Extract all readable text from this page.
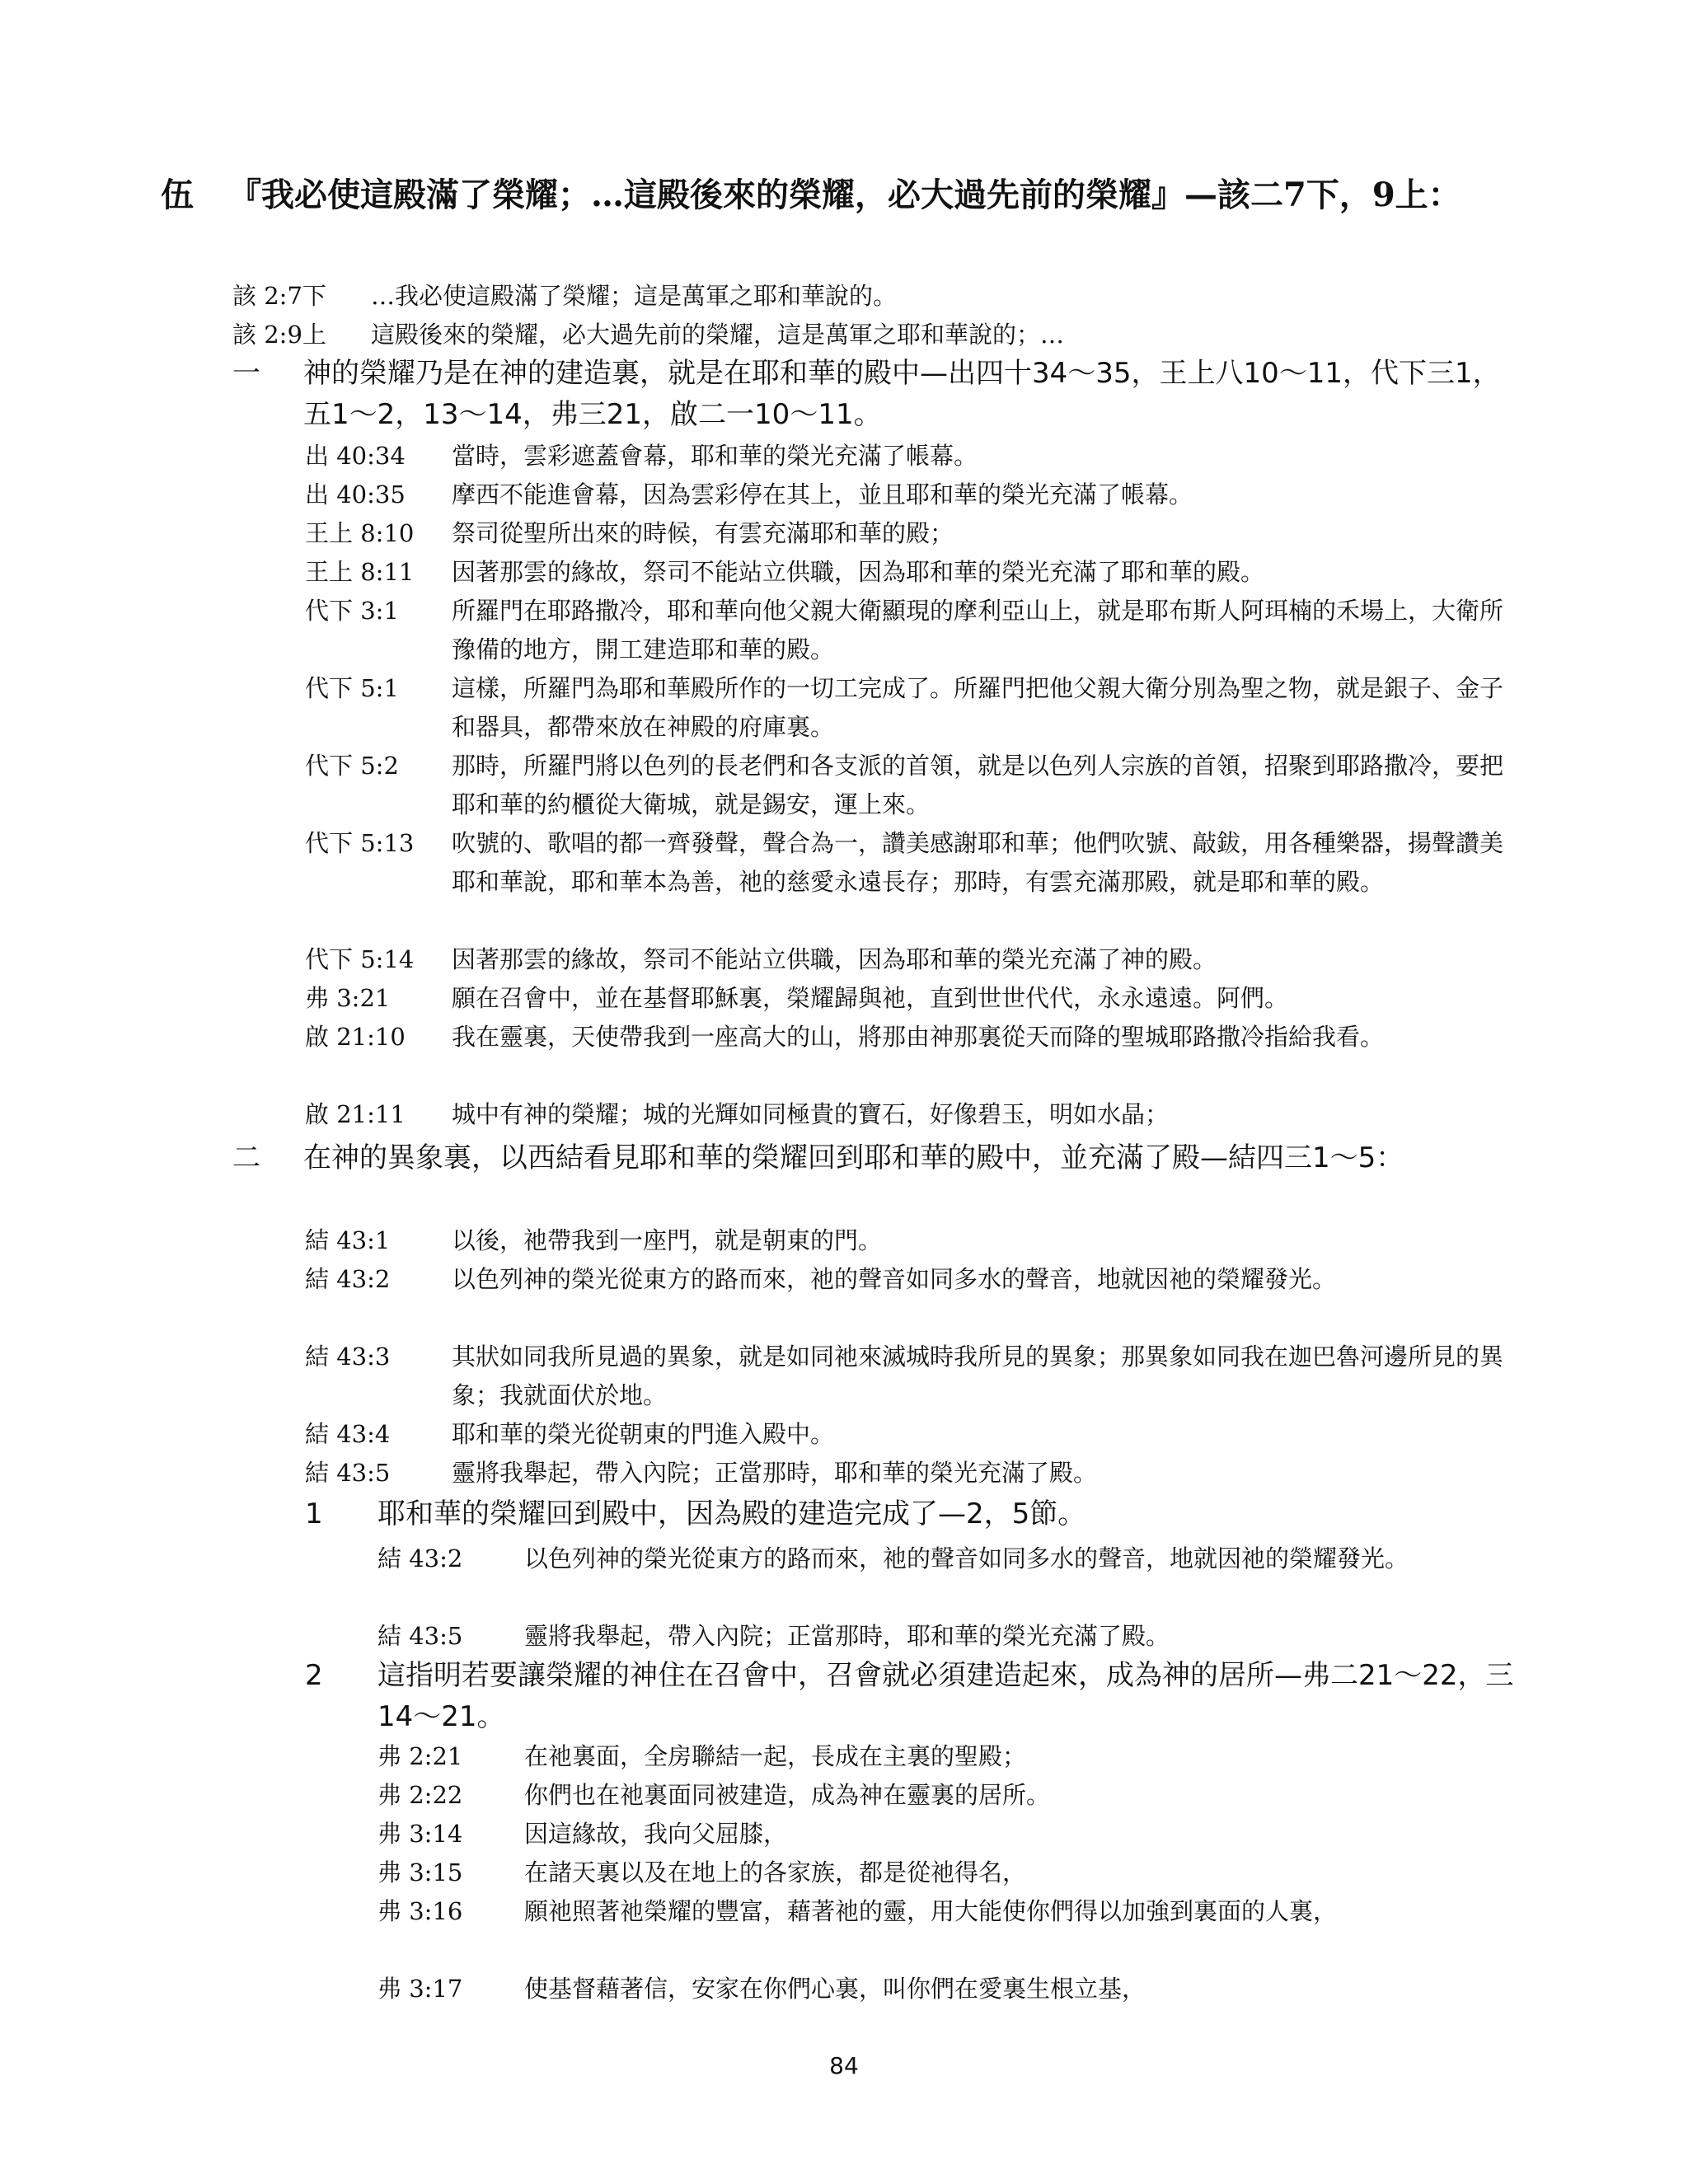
伍 『我必使這殿滿了榮耀；…這殿後來的榮耀，必大過先前的榮耀』—該二7下，9上：
該 2:7下 …我必使這殿滿了榮耀；這是萬軍之耶和華說的。
該 2:9上 這殿後來的榮耀，必大過先前的榮耀，這是萬軍之耶和華說的；…
一 神的榮耀乃是在神的建造裏，就是在耶和華的殿中—出四十34～35，王上八10～11，代下三1，五1～2，13～14，弗三21，啟二一10～11。
出 40:34 當時，雲彩遮蓋會幕，耶和華的榮光充滿了帳幕。
出 40:35 摩西不能進會幕，因為雲彩停在其上，並且耶和華的榮光充滿了帳幕。
王上 8:10 祭司從聖所出來的時候，有雲充滿耶和華的殿；
王上 8:11 因著那雲的緣故，祭司不能站立供職，因為耶和華的榮光充滿了耶和華的殿。
代下 3:1 所羅門在耶路撒冷，耶和華向他父親大衛顯現的摩利亞山上，就是耶布斯人阿珥楠的禾場上，大衛所豫備的地方，開工建造耶和華的殿。
代下 5:1 這樣，所羅門為耶和華殿所作的一切工完成了。所羅門把他父親大衛分別為聖之物，就是銀子、金子和器具，都帶來放在神殿的府庫裏。
代下 5:2 那時，所羅門將以色列的長老們和各支派的首領，就是以色列人宗族的首領，招聚到耶路撒冷，要把耶和華的約櫃從大衛城，就是錫安，運上來。
代下 5:13 吹號的、歌唱的都一齊發聲，聲合為一，讚美感謝耶和華；他們吹號、敲鈸，用各種樂器，揚聲讚美耶和華說，耶和華本為善，祂的慈愛永遠長存；那時，有雲充滿那殿，就是耶和華的殿。
代下 5:14 因著那雲的緣故，祭司不能站立供職，因為耶和華的榮光充滿了神的殿。
弗 3:21	願在召會中，並在基督耶穌裏，榮耀歸與祂，直到世世代代，永永遠遠。阿們。
啟 21:10 我在靈裏，天使帶我到一座高大的山，將那由神那裏從天而降的聖城耶路撒冷指給我看。
啟 21:11 城中有神的榮耀；城的光輝如同極貴的寶石，好像碧玉，明如水晶；
二 在神的異象裏，以西結看見耶和華的榮耀回到耶和華的殿中，並充滿了殿—結四三1～5：
結 43:1	以後，祂帶我到一座門，就是朝東的門。
結 43:2	以色列神的榮光從東方的路而來，祂的聲音如同多水的聲音，地就因祂的榮耀發光。
結 43:3	其狀如同我所見過的異象，就是如同祂來滅城時我所見的異象；那異象如同我在迦巴魯河邊所見的異象；我就面伏於地。
結 43:4	耶和華的榮光從朝東的門進入殿中。
結 43:5	靈將我舉起，帶入內院；正當那時，耶和華的榮光充滿了殿。
1 耶和華的榮耀回到殿中，因為殿的建造完成了—2，5節。
結 43:2	以色列神的榮光從東方的路而來，祂的聲音如同多水的聲音，地就因祂的榮耀發光。
結 43:5	靈將我舉起，帶入內院；正當那時，耶和華的榮光充滿了殿。
2 這指明若要讓榮耀的神住在召會中，召會就必須建造起來，成為神的居所—弗二21～22，三14～21。
弗 2:21	在祂裏面，全房聯結一起，長成在主裏的聖殿；
弗 2:22	你們也在祂裏面同被建造，成為神在靈裏的居所。
弗 3:14	因這緣故，我向父屈膝，
弗 3:15	在諸天裏以及在地上的各家族，都是從祂得名，
弗 3:16	願祂照著祂榮耀的豐富，藉著祂的靈，用大能使你們得以加強到裏面的人裏，
弗 3:17	使基督藉著信，安家在你們心裏，叫你們在愛裏生根立基，
84
